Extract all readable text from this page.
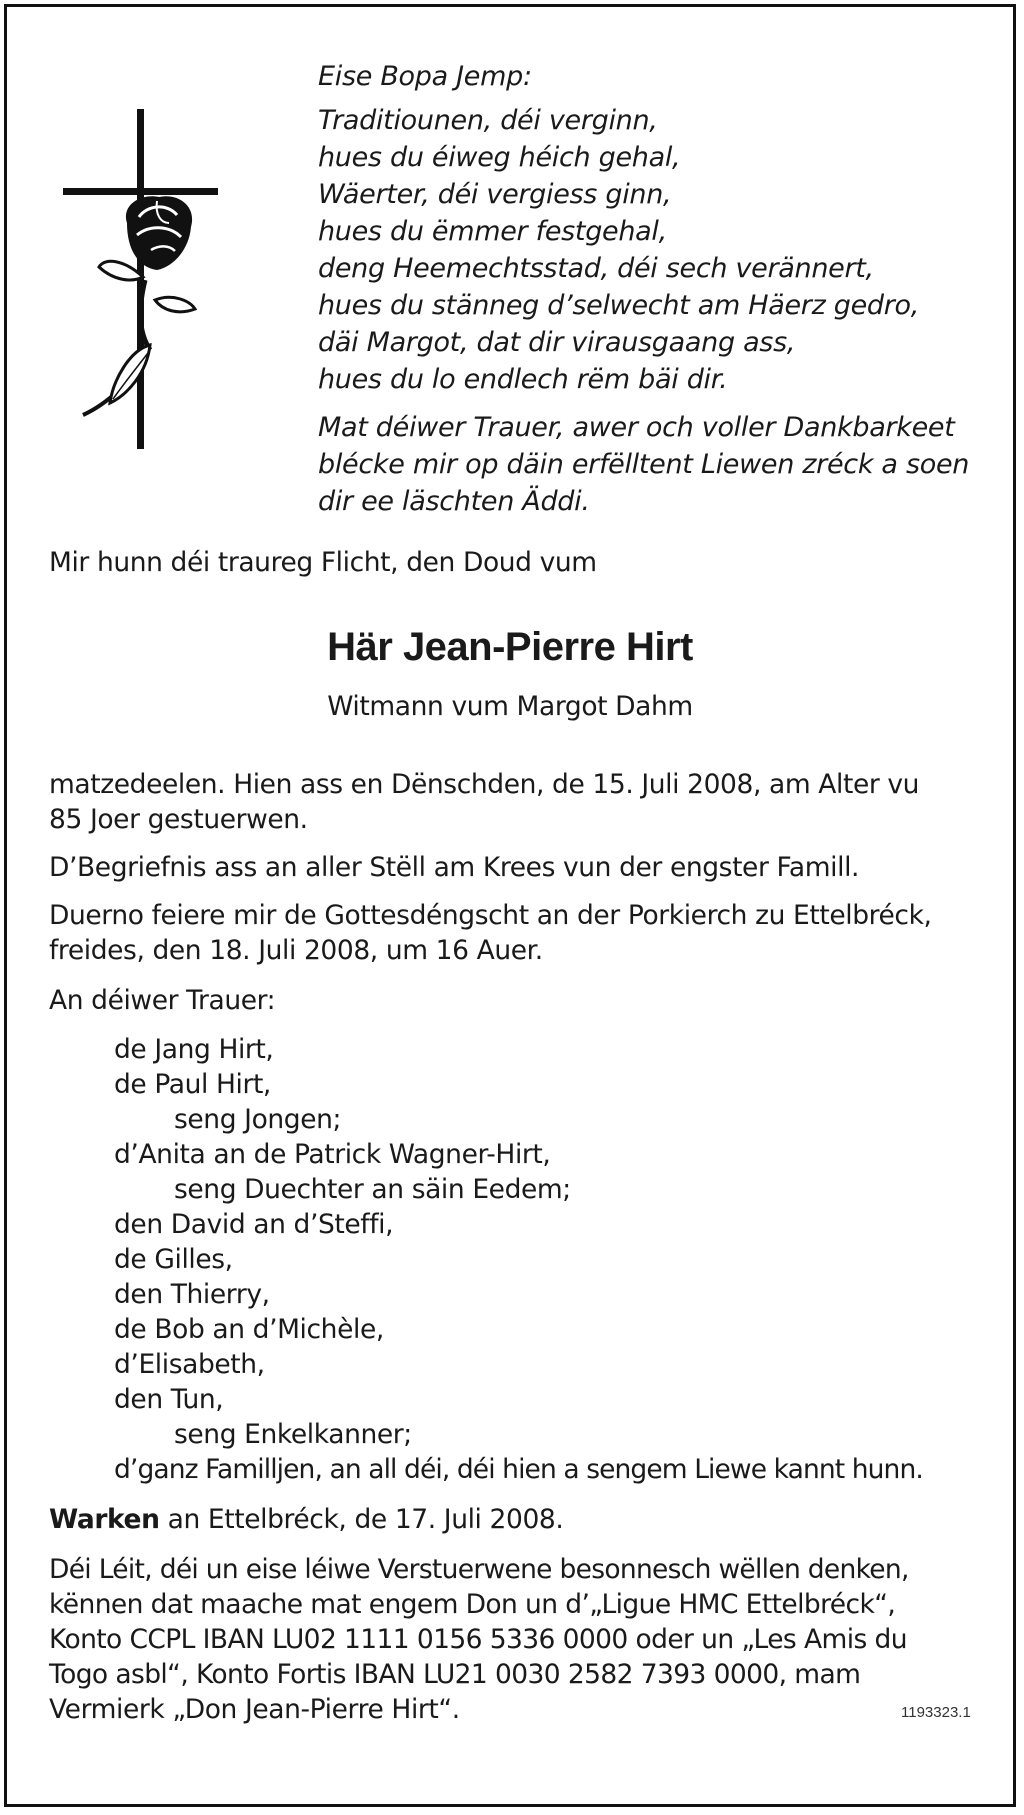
Eise Bopa Jemp:
Traditiounen, déi verginn,
hues du éiweg héich gehal,
Wäerter, déi vergiess ginn,
hues du ëmmer festgehal,
deng Heemechtsstad, déi sech verännert,
hues du stänneg d’selwecht am Häerz gedro,
däi Margot, dat dir virausgaang ass,
hues du lo endlech rëm bäi dir.
Mat déiwer Trauer, awer och voller Dankbarkeet
blécke mir op däin erfëlltent Liewen zréck a soen
dir ee läschten Äddi.
Mir hunn déi traureg Flicht, den Doud vum
Här Jean-Pierre Hirt
Witmann vum Margot Dahm
matzedeelen. Hien ass en Dënschden, de 15. Juli 2008, am Alter vu
85 Joer gestuerwen.
D’Begriefnis ass an aller Stëll am Krees vun der engster Famill.
Duerno feiere mir de Gottesdéngscht an der Porkierch zu Ettelbréck,
freides, den 18. Juli 2008, um 16 Auer.
An déiwer Trauer:
de Jang Hirt,
de Paul Hirt,
seng Jongen;
d’Anita an de Patrick Wagner-Hirt,
seng Duechter an säin Eedem;
den David an d’Steffi,
de Gilles,
den Thierry,
de Bob an d’Michèle,
d’Elisabeth,
den Tun,
seng Enkelkanner;
d’ganz Familljen, an all déi, déi hien a sengem Liewe kannt hunn.
Warken an Ettelbréck, de 17. Juli 2008.
Déi Léit, déi un eise léiwe Verstuerwene besonnesch wëllen denken,
kënnen dat maache mat engem Don un d’„Ligue HMC Ettelbréck“,
Konto CCPL IBAN LU02 1111 0156 5336 0000 oder un „Les Amis du
Togo asbl“, Konto Fortis IBAN LU21 0030 2582 7393 0000, mam
Vermierk „Don Jean-Pierre Hirt“.	1193323.1
